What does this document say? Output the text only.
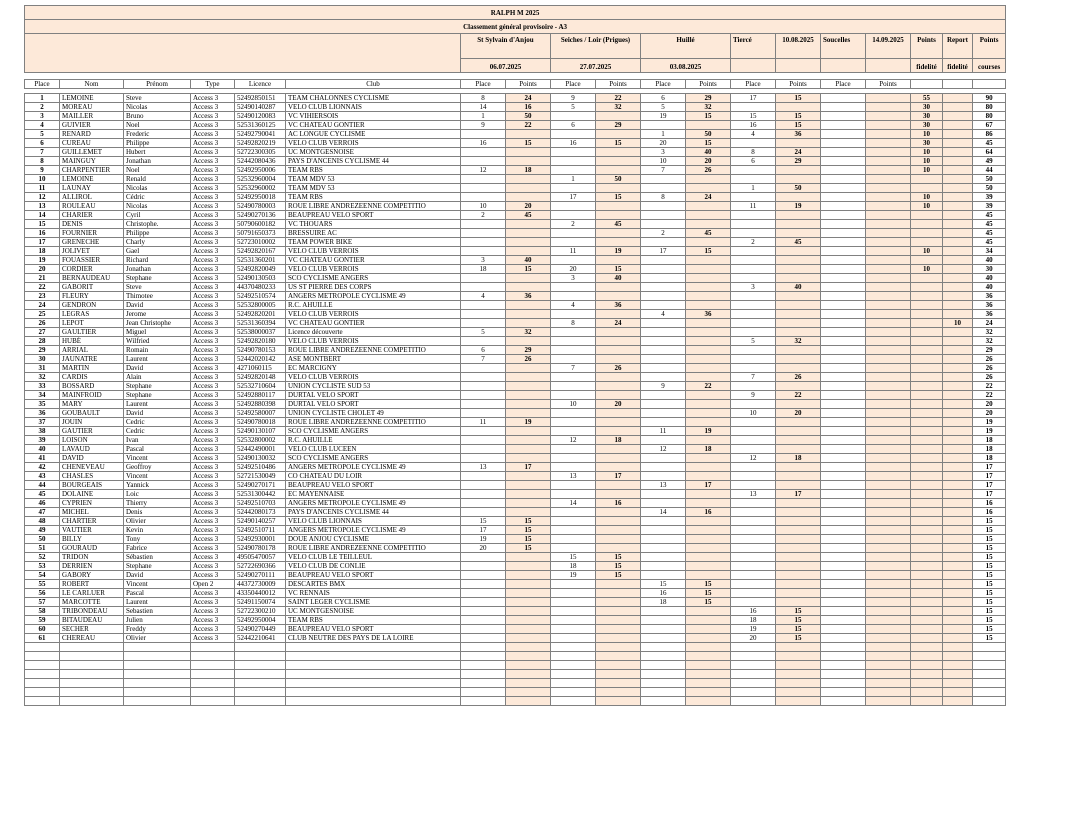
RALPH M 2025																		
Classement général provisoire - A3																		
						St Sylvain d'Anjou		Seiches / Loir (Prigues)		Huillé		Tiercé	10.08.2025	Soucelles	14.09.2025	Points	Report	Points
						06.07.2025		27.07.2025		03.08.2025						fidelité	fidelité	courses

Place	Nom	Prénom	Type	Licence	Club	Place	Points	Place	Points	Place	Points	Place	Points	Place	Points			

1	LEMOINE	Steve	Access 3	52492850151	TEAM CHALONNES CYCLISME	8	24	9	22	6	29	17	15			55		90
2	MOREAU	Nicolas	Access 3	52490140287	VELO CLUB LIONNAIS	14	16	5	32	5	32					30		80
3	MAILLER	Bruno	Access 3	52490120083	VC VIHIERSOIS	1	50			19	15	15	15			30		80
4	GUIVIER	Noel	Access 3	52531360125	VC CHATEAU GONTIER	9	22	6	29			16	15			30		67
5	RENARD	Frederic	Access 3	52492790041	AC LONGUE CYCLISME					1	50	4	36			10		86
6	CUREAU	Philippe	Access 3	52492820219	VELO CLUB VERROIS	16	15	16	15	20	15					30		45
7	GUILLEMET	Hubert	Access 3	52722300305	UC MONTGESNOISE					3	40	8	24			10		64
8	MAINGUY	Jonathan	Access 3	52442080436	PAYS D'ANCENIS CYCLISME 44					10	20	6	29			10		49
9	CHARPENTIER	Noel	Access 3	52492950006	TEAM RBS	12	18			7	26					10		44
10	LEMOINE	Renald	Access 3	52532960004	TEAM MDV 53			1	50									50
11	LAUNAY	Nicolas	Access 3	52532960002	TEAM MDV 53							1	50					50
12	ALLIROL	Cédric	Access 3	52492950018	TEAM RBS			17	15	8	24					10		39
13	ROULEAU	Nicolas	Access 3	52490780003	ROUE LIBRE ANDREZEENNE COMPETITIO	10	20					11	19			10		39
14	CHARIER	Cyril	Access 3	52490270136	BEAUPREAU VELO SPORT	2	45											45
15	DENIS	Christophe.	Access 3	50790600182	VC THOUARS			2	45									45
16	FOURNIER	Philippe	Access 3	50791650373	BRESSUIRE AC					2	45							45
17	GRENECHE	Charly	Access 3	52723010002	TEAM POWER BIKE							2	45					45
18	JOLIVET	Gael	Access 3	52492820167	VELO CLUB VERROIS			11	19	17	15					10		34
19	FOUASSIER	Richard	Access 3	52531360201	VC CHATEAU GONTIER	3	40											40
20	CORDIER	Jonathan	Access 3	52492820049	VELO CLUB VERROIS	18	15	20	15							10		30
21	BERNAUDEAU	Stephane	Access 3	52490130503	SCO CYCLISME ANGERS			3	40									40
22	GABORIT	Steve	Access 3	44370480233	US ST PIERRE DES CORPS							3	40					40
23	FLEURY	Thimotee	Access 3	52492510574	ANGERS METROPOLE CYCLISME 49	4	36											36
24	GENDRON	David	Access 3	52532800005	R.C. AHUILLE			4	36									36
25	LEGRAS	Jerome	Access 3	52492820201	VELO CLUB VERROIS					4	36							36
26	LEPOT	Jean Christophe	Access 3	52531360394	VC CHATEAU GONTIER			8	24								10	24
27	GAULTIER	Miguel	Access 3	52538000037	Licence découverte	5	32											32
28	HUBÉ	Wilfried	Access 3	52492820180	VELO CLUB VERROIS							5	32					32
29	ARRIAL	Romain	Access 3	52490780153	ROUE LIBRE ANDREZEENNE COMPETITIO	6	29											29
30	JAUNATRE	Laurent	Access 3	52442020142	ASE MONTBERT	7	26											26
31	MARTIN	David	Access 3	4271060115	EC MARCIGNY			7	26									26
32	CARDIS	Alain	Access 3	52492820148	VELO CLUB VERROIS							7	26					26
33	BOSSARD	Stephane	Access 3	52532710604	UNION CYCLISTE SUD 53					9	22							22
34	MAINFROID	Stephane	Access 3	52492880117	DURTAL VELO SPORT							9	22					22
35	MARY	Laurent	Access 3	52492880398	DURTAL VELO SPORT			10	20									20
36	GOUBAULT	David	Access 3	52492580007	UNION CYCLISTE CHOLET 49							10	20					20
37	JOUIN	Cedric	Access 3	52490780018	ROUE LIBRE ANDREZEENNE COMPETITIO	11	19											19
38	GAUTIER	Cedric	Access 3	52490130107	SCO CYCLISME ANGERS					11	19							19
39	LOISON	Ivan	Access 3	52532800002	R.C. AHUILLE			12	18									18
40	LAVAUD	Pascal	Access 3	52442490001	VELO CLUB LUCEEN					12	18							18
41	DAVID	Vincent	Access 3	52490130032	SCO CYCLISME ANGERS							12	18					18
42	CHENEVEAU	Geoffroy	Access 3	52492510486	ANGERS METROPOLE CYCLISME 49	13	17											17
43	CHASLES	Vincent	Access 3	52721530049	CO CHATEAU DU LOIR			13	17									17
44	BOURGEAIS	Yannick	Access 3	52490270171	BEAUPREAU VELO SPORT					13	17							17
45	DOLAINE	Loic	Access 3	52531300442	EC MAYENNAISE							13	17					17
46	CYPRIEN	Thierry	Access 3	52492510703	ANGERS METROPOLE CYCLISME 49			14	16									16
47	MICHEL	Denis	Access 3	52442080173	PAYS D'ANCENIS CYCLISME 44					14	16							16
48	CHARTIER	Olivier	Access 3	52490140257	VELO CLUB LIONNAIS	15	15											15
49	VAUTIER	Kevin	Access 3	52492510711	ANGERS METROPOLE CYCLISME 49	17	15											15
50	BILLY	Tony	Access 3	52492930001	DOUE ANJOU CYCLISME	19	15											15
51	GOURAUD	Fabrice	Access 3	52490780178	ROUE LIBRE ANDREZEENNE COMPETITIO	20	15											15
52	TRIDON	Sébastien	Access 3	49505470057	VELO CLUB LE TEILLEUL			15	15									15
53	DERRIEN	Stephane	Access 3	52722690366	VELO CLUB DE CONLIE			18	15									15
54	GABORY	David	Access 3	52490270111	BEAUPREAU VELO SPORT			19	15									15
55	ROBERT	Vincent	Open 2	44372730009	DESCARTES BMX					15	15							15
56	LE CARLUER	Pascal	Access 3	43350440012	VC RENNAIS					16	15							15
57	MARCOTTE	Laurent	Access 3	52491150074	SAINT LEGER CYCLISME					18	15							15
58	TRIBONDEAU	Sebastien	Access 3	52722300210	UC MONTGESNOISE							16	15					15
59	BITAUDEAU	Julien	Access 3	52492950004	TEAM RBS							18	15					15
60	SECHER	Freddy	Access 3	52490270449	BEAUPREAU VELO SPORT							19	15					15
61	CHEREAU	Olivier	Access 3	52442210641	CLUB NEUTRE DES PAYS DE LA LOIRE							20	15					15
